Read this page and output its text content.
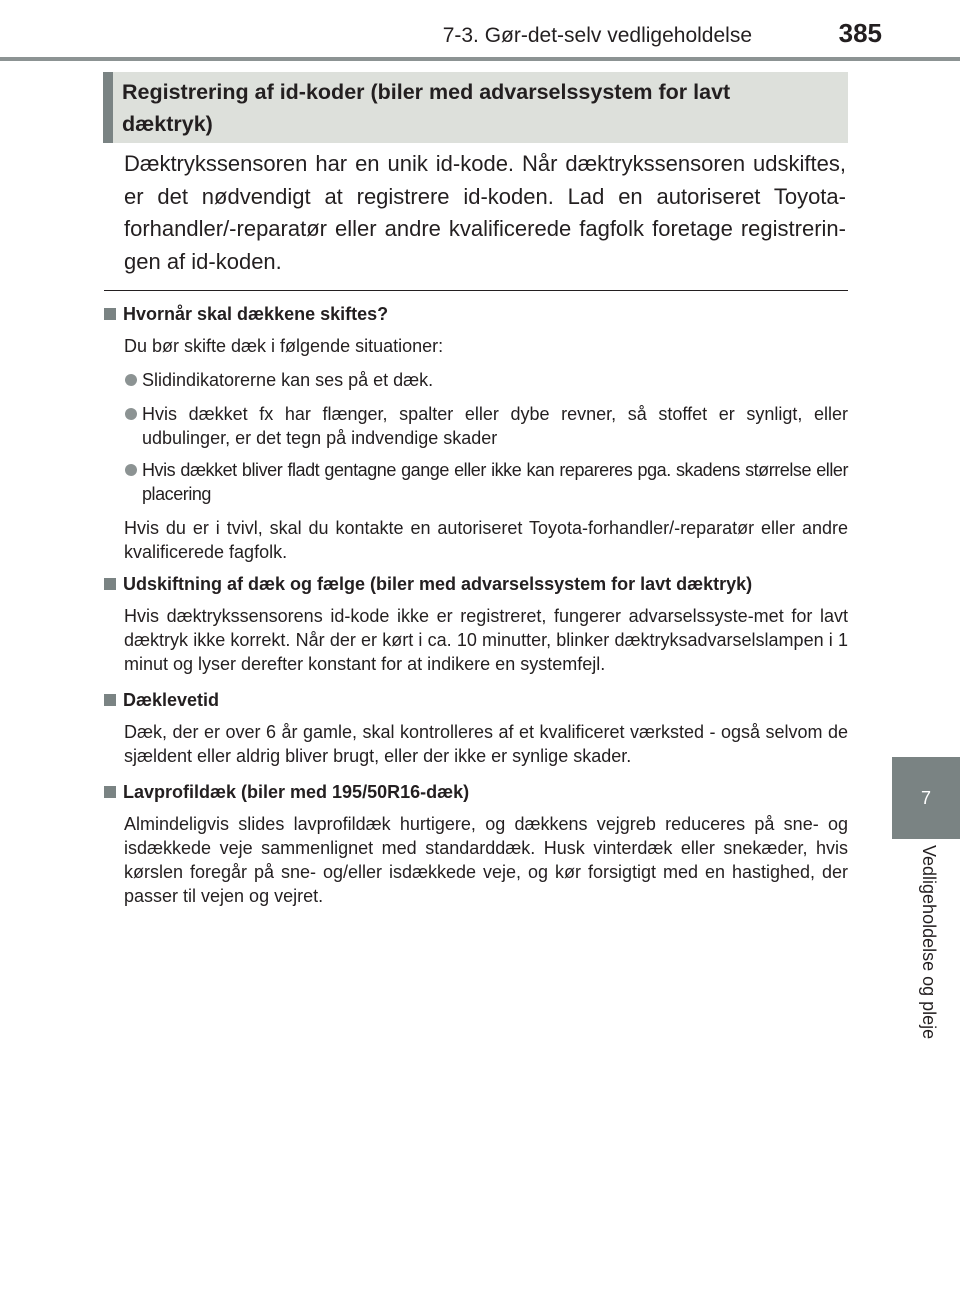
7-3. Gør-det-selv vedligeholdelse	385
7
Vedligeholdelse og pleje
Registrering af id-koder (biler med advarselssystem for lavt dæktryk)
Dæktrykssensoren har en unik id-kode. Når dæktrykssensoren udskiftes, er det nødvendigt at registrere id-koden. Lad en autoriseret Toyota-forhandler/-reparatør eller andre kvalificerede fagfolk foretage registrerin-gen af id-koden.
Hvornår skal dækkene skiftes?
Du bør skifte dæk i følgende situationer:
Slidindikatorerne kan ses på et dæk.
Hvis dækket fx har flænger, spalter eller dybe revner, så stoffet er synligt, eller udbulinger, er det tegn på indvendige skader
Hvis dækket bliver fladt gentagne gange eller ikke kan repareres pga. skadens størrelse eller placering
Hvis du er i tvivl, skal du kontakte en autoriseret Toyota-forhandler/-reparatør eller andre kvalificerede fagfolk.
Udskiftning af dæk og fælge (biler med advarselssystem for lavt dæktryk)
Hvis dæktrykssensorens id-kode ikke er registreret, fungerer advarselssyste-met for lavt dæktryk ikke korrekt. Når der er kørt i ca. 10 minutter, blinker dæktryksadvarselslampen i 1 minut og lyser derefter konstant for at indikere en systemfejl.
Dæklevetid
Dæk, der er over 6 år gamle, skal kontrolleres af et kvalificeret værksted - også selvom de sjældent eller aldrig bliver brugt, eller der ikke er synlige skader.
Lavprofildæk (biler med 195/50R16-dæk)
Almindeligvis slides lavprofildæk hurtigere, og dækkens vejgreb reduceres på sne- og isdækkede veje sammenlignet med standarddæk. Husk vinterdæk eller snekæder, hvis kørslen foregår på sne- og/eller isdækkede veje, og kør forsigtigt med en hastighed, der passer til vejen og vejret.
